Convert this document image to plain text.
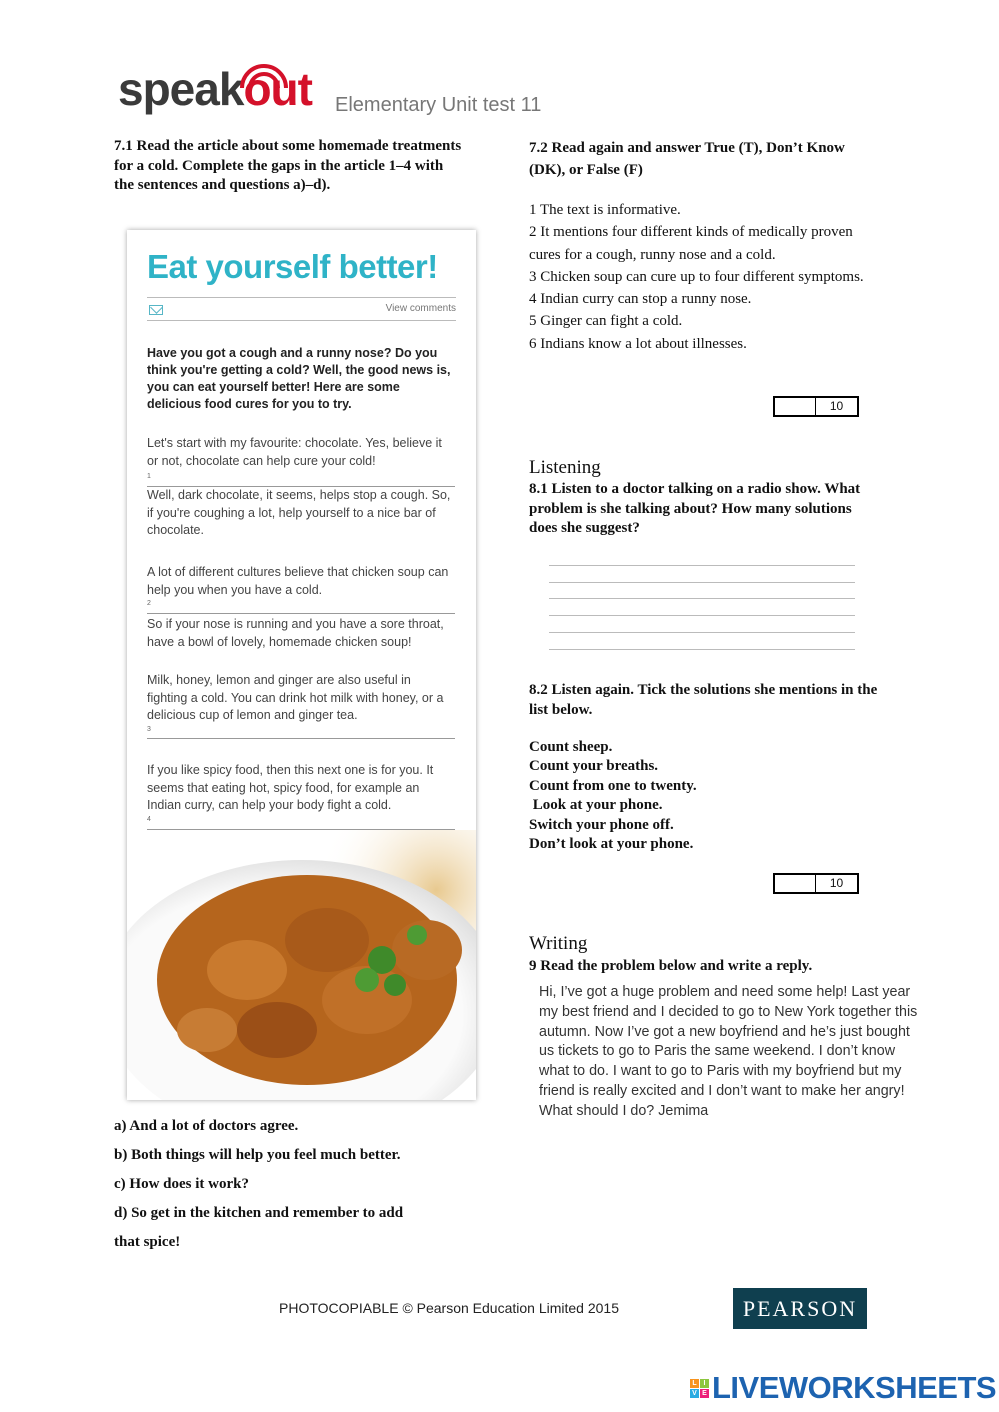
speakout Elementary Unit test 11
7.1 Read the article about some homemade treatments for a cold. Complete the gaps in the article 1–4 with the sentences and questions a)–d).
Eat yourself better!
View comments
Have you got a cough and a runny nose? Do you think you're getting a cold? Well, the good news is, you can eat yourself better! Here are some delicious food cures for you to try.
Let's start with my favourite: chocolate. Yes, believe it or not, chocolate can help cure your cold!
1
Well, dark chocolate, it seems, helps stop a cough. So, if you're coughing a lot, help yourself to a nice bar of chocolate.
A lot of different cultures believe that chicken soup can help you when you have a cold.
2
So if your nose is running and you have a sore throat, have a bowl of lovely, homemade chicken soup!
Milk, honey, lemon and ginger are also useful in fighting a cold. You can drink hot milk with honey, or a delicious cup of lemon and ginger tea.
3
If you like spicy food, then this next one is for you. It seems that eating hot, spicy food, for example an Indian curry, can help your body fight a cold.
4
a) And a lot of doctors agree.
b) Both things will help you feel much better.
c) How does it work?
d) So get in the kitchen and remember to add
that spice!
7.2 Read again and answer True (T), Don’t Know (DK), or False (F)
1 The text is informative.
2 It mentions four different kinds of medically proven cures for a cough, runny nose and a cold.
3 Chicken soup can cure up to four different symptoms.
4 Indian curry can stop a runny nose.
5 Ginger can fight a cold.
6 Indians know a lot about illnesses.
10
Listening
8.1 Listen to a doctor talking on a radio show. What problem is she talking about? How many solutions does she suggest?
8.2 Listen again. Tick the solutions she mentions in the list below.
Count sheep.
Count your breaths.
Count from one to twenty.
Look at your phone.
Switch your phone off.
Don’t look at your phone.
10
Writing
9 Read the problem below and write a reply.
Hi, I’ve got a huge problem and need some help! Last year my best friend and I decided to go to New York together this autumn. Now I’ve got a new boyfriend and he’s just bought us tickets to go to Paris the same weekend. I don’t know what to do. I want to go to Paris with my boyfriend but my friend is really excited and I don’t want to make her angry! What should I do? Jemima
PHOTOCOPIABLE © Pearson Education Limited 2015	PEARSON
L I
V E LIVEWORKSHEETS
